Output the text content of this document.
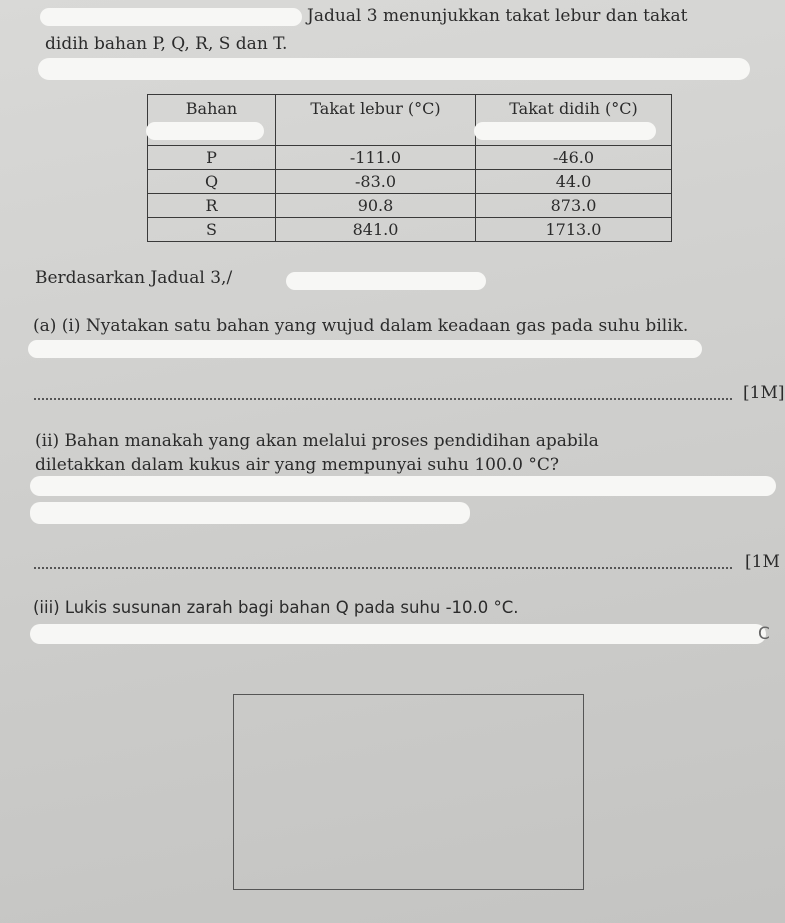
Jadual 3 menunjukkan takat lebur dan takat
didih bahan P, Q, R, S dan T.
Bahan	Takat lebur (°C)	Takat didih (°C)
P	-111.0	-46.0
Q	-83.0	44.0
R	90.8	873.0
S	841.0	1713.0
Berdasarkan Jadual 3,/
(a) (i) Nyatakan satu bahan yang wujud dalam keadaan gas pada suhu bilik.
[1M]
(ii) Bahan manakah yang akan melalui proses pendidihan apabila
diletakkan dalam kukus air yang mempunyai suhu 100.0 °C?
[1M
(iii) Lukis susunan zarah bagi bahan Q pada suhu -10.0 °C.
C
